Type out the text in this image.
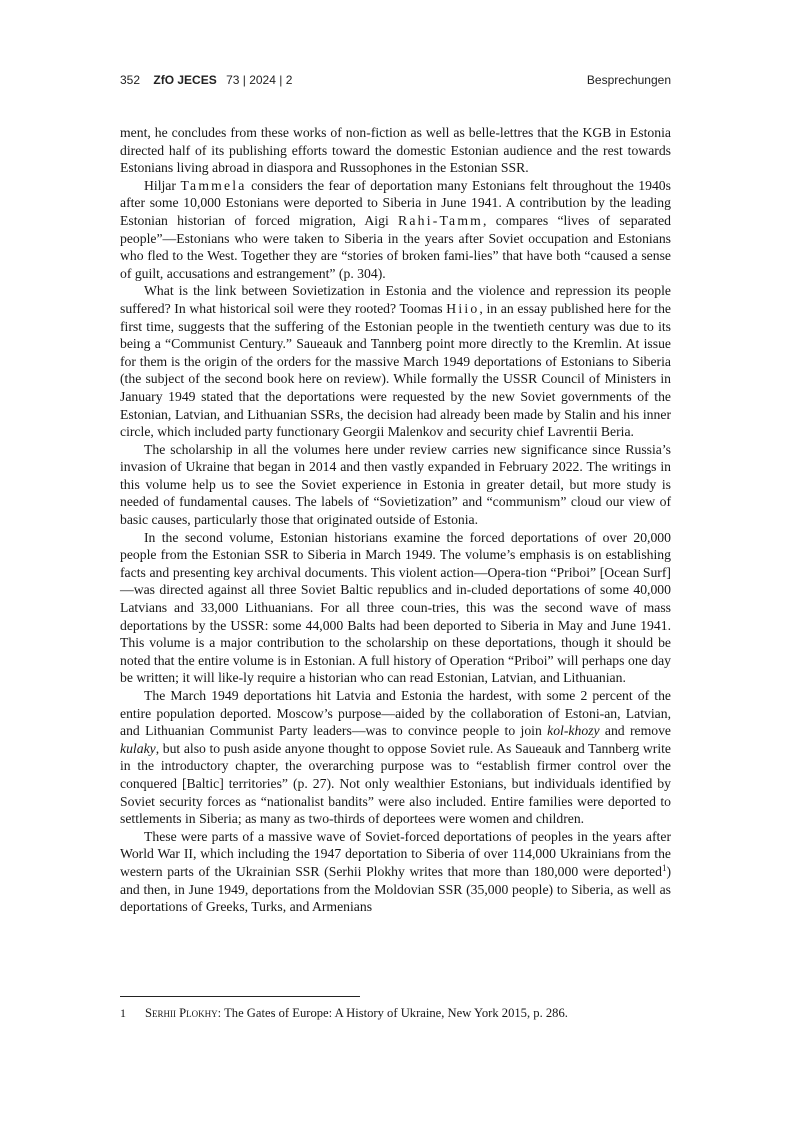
352 ZfO JECES 73 | 2024 | 2	Besprechungen

ment, he concludes from these works of non-fiction as well as belle-lettres that the KGB in Estonia directed half of its publishing efforts toward the domestic Estonian audience and the rest towards Estonians living abroad in diaspora and Russophones in the Estonian SSR.

Hiljar Tammela considers the fear of deportation many Estonians felt throughout the 1940s after some 10,000 Estonians were deported to Siberia in June 1941. A contribution by the leading Estonian historian of forced migration, Aigi Rahi-Tamm, compares “lives of separated people”—Estonians who were taken to Siberia in the years after Soviet occupation and Estonians who fled to the West. Together they are “stories of broken fami-lies” that have both “caused a sense of guilt, accusations and estrangement” (p. 304).

What is the link between Sovietization in Estonia and the violence and repression its people suffered? In what historical soil were they rooted? Toomas Hiio, in an essay published here for the first time, suggests that the suffering of the Estonian people in the twentieth century was due to its being a “Communist Century.” Saueauk and Tannberg point more directly to the Kremlin. At issue for them is the origin of the orders for the massive March 1949 deportations of Estonians to Siberia (the subject of the second book here on review). While formally the USSR Council of Ministers in January 1949 stated that the deportations were requested by the new Soviet governments of the Estonian, Latvian, and Lithuanian SSRs, the decision had already been made by Stalin and his inner circle, which included party functionary Georgii Malenkov and security chief Lavrentii Beria.

The scholarship in all the volumes here under review carries new significance since Russia’s invasion of Ukraine that began in 2014 and then vastly expanded in February 2022. The writings in this volume help us to see the Soviet experience in Estonia in greater detail, but more study is needed of fundamental causes. The labels of “Sovietization” and “communism” cloud our view of basic causes, particularly those that originated outside of Estonia.

In the second volume, Estonian historians examine the forced deportations of over 20,000 people from the Estonian SSR to Siberia in March 1949. The volume’s emphasis is on establishing facts and presenting key archival documents. This violent action—Opera-tion “Priboi” [Ocean Surf]—was directed against all three Soviet Baltic republics and in-cluded deportations of some 40,000 Latvians and 33,000 Lithuanians. For all three coun-tries, this was the second wave of mass deportations by the USSR: some 44,000 Balts had been deported to Siberia in May and June 1941. This volume is a major contribution to the scholarship on these deportations, though it should be noted that the entire volume is in Estonian. A full history of Operation “Priboi” will perhaps one day be written; it will like-ly require a historian who can read Estonian, Latvian, and Lithuanian.

The March 1949 deportations hit Latvia and Estonia the hardest, with some 2 percent of the entire population deported. Moscow’s purpose—aided by the collaboration of Estoni-an, Latvian, and Lithuanian Communist Party leaders—was to convince people to join kol-khozy and remove kulaky, but also to push aside anyone thought to oppose Soviet rule. As Saueauk and Tannberg write in the introductory chapter, the overarching purpose was to “establish firmer control over the conquered [Baltic] territories” (p. 27). Not only wealthier Estonians, but individuals identified by Soviet security forces as “nationalist bandits” were also included. Entire families were deported to settlements in Siberia; as many as two-thirds of deportees were women and children.

These were parts of a massive wave of Soviet-forced deportations of peoples in the years after World War II, which including the 1947 deportation to Siberia of over 114,000 Ukrainians from the western parts of the Ukrainian SSR (Serhii Plokhy writes that more than 180,000 were deported$^1$) and then, in June 1949, deportations from the Moldovian SSR (35,000 people) to Siberia, as well as deportations of Greeks, Turks, and Armenians

1 Serhii Plokhy: The Gates of Europe: A History of Ukraine, New York 2015, p. 286.
